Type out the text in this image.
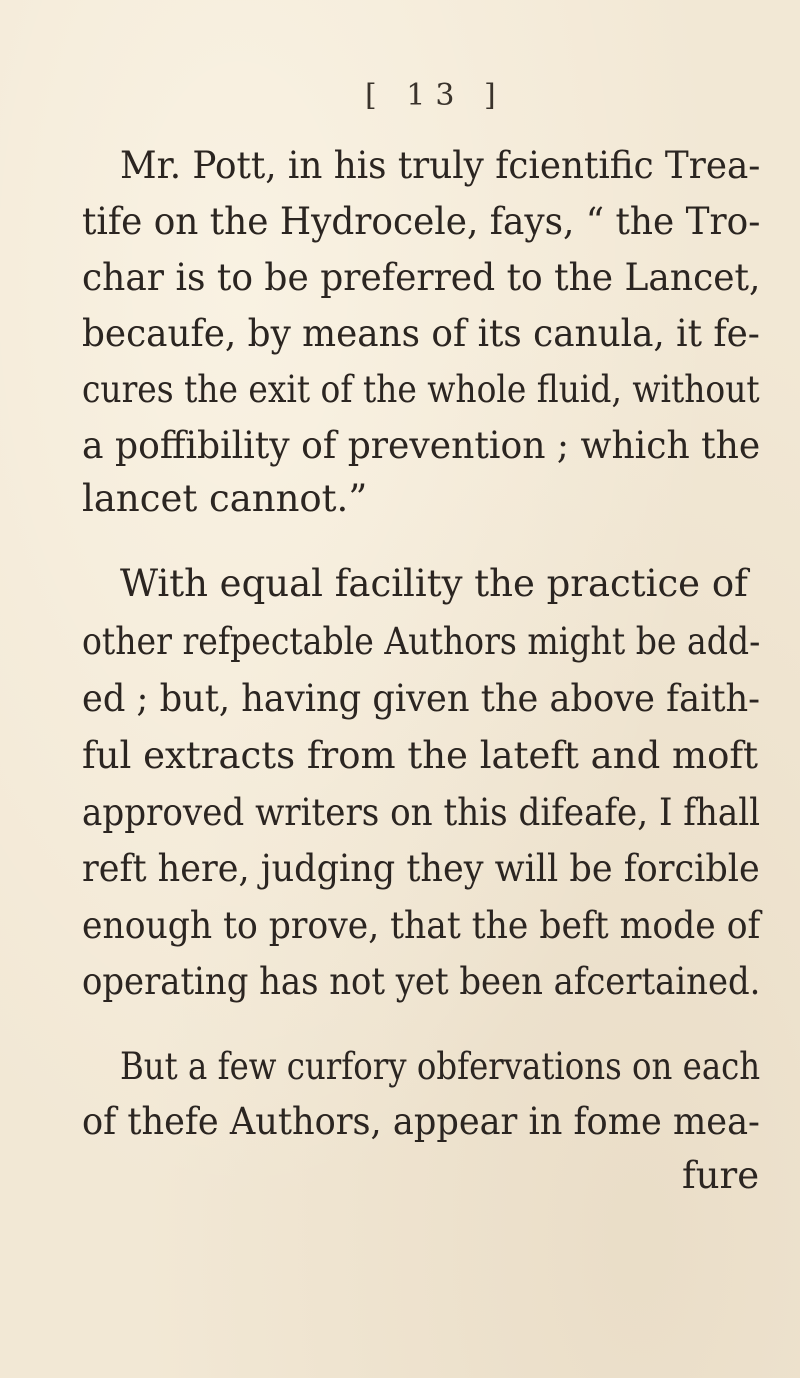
[ 13 ]
Mr. Pott, in his truly fcientific Trea-
tife on the Hydrocele, fays, “ the Tro-
char is to be preferred to the Lancet,
becaufe, by means of its canula, it fe-
cures the exit of the whole fluid, without
a poffibility of prevention ; which the
lancet cannot.”
With equal facility the practice of
other refpectable Authors might be add-
ed ; but, having given the above faith-
ful extracts from the lateft and moft
approved writers on this difeafe, I fhall
reft here, judging they will be forcible
enough to prove, that the beft mode of
operating has not yet been afcertained.
But a few curfory obfervations on each
of thefe Authors, appear in fome mea-
fure
